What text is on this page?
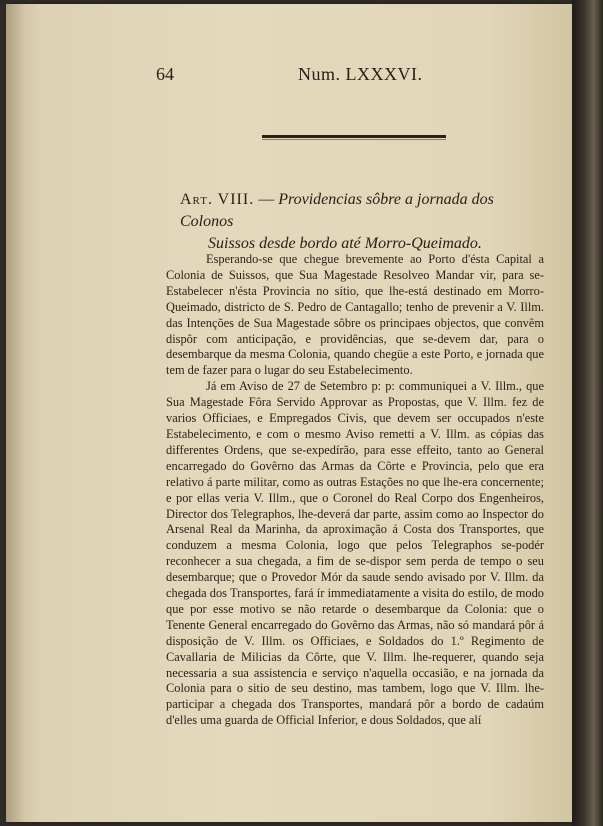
64	Num. LXXXVI.
Art. VIII. — Providencias sôbre a jornada dos Colonos
Suissos desde bordo até Morro-Queimado.

Esperando-se que chegue brevemente ao Porto d'ésta Capital a Colonia de Suissos, que Sua Magestade Resolveo Mandar vir, para se-Estabelecer n'ésta Provincia no sítio, que lhe-está destinado em Morro-Queimado, districto de S. Pedro de Cantagallo; tenho de prevenir a V. Illm. das Intenções de Sua Magestade sôbre os principaes objectos, que convêm dispôr com anticipação, e providências, que se-devem dar, para o desembarque da mesma Colonia, quando chegüe a este Porto, e jornada que tem de fazer para o lugar do seu Estabelecimento.

Já em Aviso de 27 de Setembro p: p: communiquei a V. Illm., que Sua Magestade Fôra Servido Approvar as Propostas, que V. Illm. fez de varios Officiaes, e Empregados Civis, que devem ser occupados n'este Estabelecimento, e com o mesmo Aviso remetti a V. Illm. as cópias das differentes Ordens, que se-expedírão, para esse effeito, tanto ao General encarregado do Govêrno das Armas da Côrte e Provincia, pelo que era relativo á parte militar, como as outras Estações no que lhe-era concernente; e por ellas veria V. Illm., que o Coronel do Real Corpo dos Engenheiros, Director dos Telegraphos, lhe-deverá dar parte, assim como ao Inspector do Arsenal Real da Marinha, da aproximação á Costa dos Transportes, que conduzem a mesma Colonia, logo que pelos Telegraphos se-podér reconhecer a sua chegada, a fim de se-dispor sem perda de tempo o seu desembarque; que o Provedor Mór da saude sendo avisado por V. Illm. da chegada dos Transportes, fará ír immediatamente a visita do estilo, de modo que por esse motivo se não retarde o desembarque da Colonia: que o Tenente General encarregado do Govêrno das Armas, não só mandará pôr á disposição de V. Illm. os Officiaes, e Soldados do 1.º Regimento de Cavallaria de Milicias da Côrte, que V. Illm. lhe-requerer, quando seja necessaria a sua assistencia e serviço n'aquella occasião, e na jornada da Colonia para o sitio de seu destino, mas tambem, logo que V. Illm. lhe-participar a chegada dos Transportes, mandará pôr a bordo de cadaúm d'elles uma guarda de Official Inferior, e dous Soldados, que alí
